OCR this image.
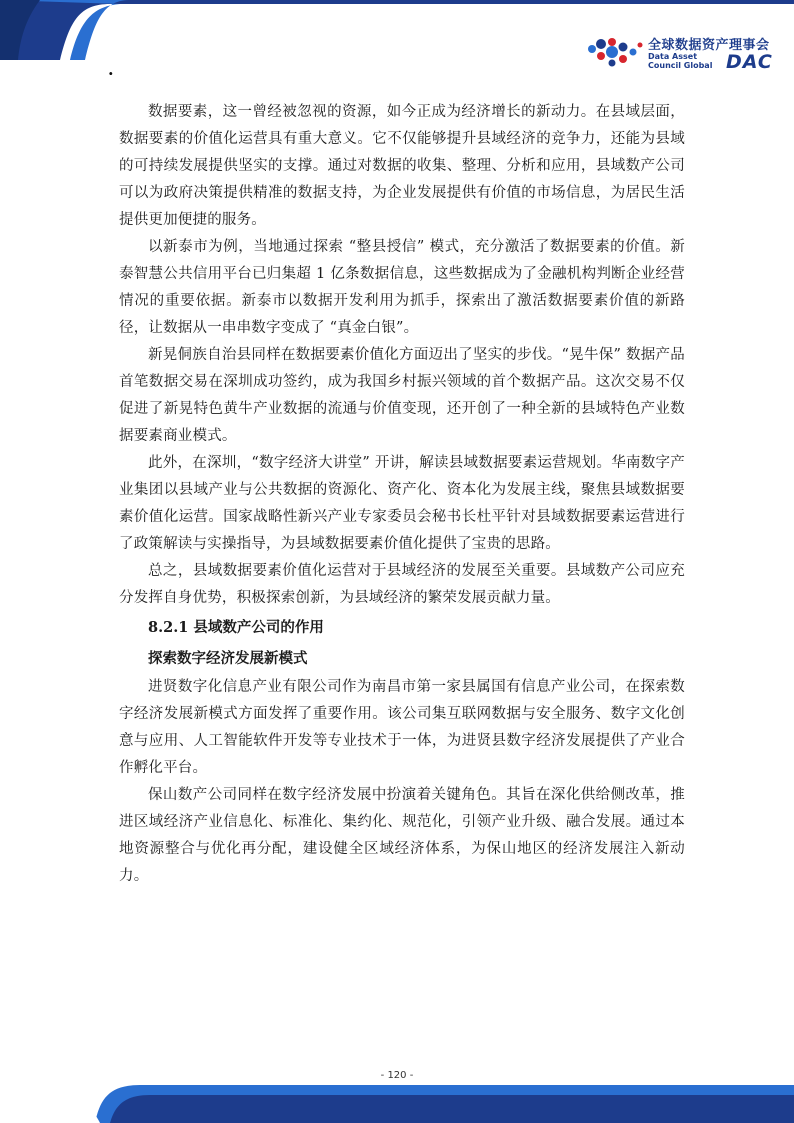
全球数据资产理事会
Data Asset
Council Global DAC
.

数据要素，这一曾经被忽视的资源，如今正成为经济增长的新动力。在县域层面，数据要素的价值化运营具有重大意义。它不仅能够提升县域经济的竞争力，还能为县域的可持续发展提供坚实的支撑。通过对数据的收集、整理、分析和应用，县域数产公司可以为政府决策提供精准的数据支持，为企业发展提供有价值的市场信息，为居民生活提供更加便捷的服务。

以新泰市为例，当地通过探索 “整县授信” 模式，充分激活了数据要素的价值。新泰智慧公共信用平台已归集超 1 亿条数据信息，这些数据成为了金融机构判断企业经营情况的重要依据。新泰市以数据开发利用为抓手，探索出了激活数据要素价值的新路径，让数据从一串串数字变成了 “真金白银”。

新晃侗族自治县同样在数据要素价值化方面迈出了坚实的步伐。“晃牛保” 数据产品首笔数据交易在深圳成功签约，成为我国乡村振兴领域的首个数据产品。这次交易不仅促进了新晃特色黄牛产业数据的流通与价值变现，还开创了一种全新的县域特色产业数据要素商业模式。

此外，在深圳，“数字经济大讲堂” 开讲，解读县域数据要素运营规划。华南数字产业集团以县域产业与公共数据的资源化、资产化、资本化为发展主线，聚焦县域数据要素价值化运营。国家战略性新兴产业专家委员会秘书长杜平针对县域数据要素运营进行了政策解读与实操指导，为县域数据要素价值化提供了宝贵的思路。

总之，县域数据要素价值化运营对于县域经济的发展至关重要。县域数产公司应充分发挥自身优势，积极探索创新，为县域经济的繁荣发展贡献力量。

8.2.1 县域数产公司的作用
探索数字经济发展新模式

进贤数字化信息产业有限公司作为南昌市第一家县属国有信息产业公司，在探索数字经济发展新模式方面发挥了重要作用。该公司集互联网数据与安全服务、数字文化创意与应用、人工智能软件开发等专业技术于一体，为进贤县数字经济发展提供了产业合作孵化平台。

保山数产公司同样在数字经济发展中扮演着关键角色。其旨在深化供给侧改革，推进区域经济产业信息化、标准化、集约化、规范化，引领产业升级、融合发展。通过本地资源整合与优化再分配，建设健全区域经济体系，为保山地区的经济发展注入新动力。

- 120 -
